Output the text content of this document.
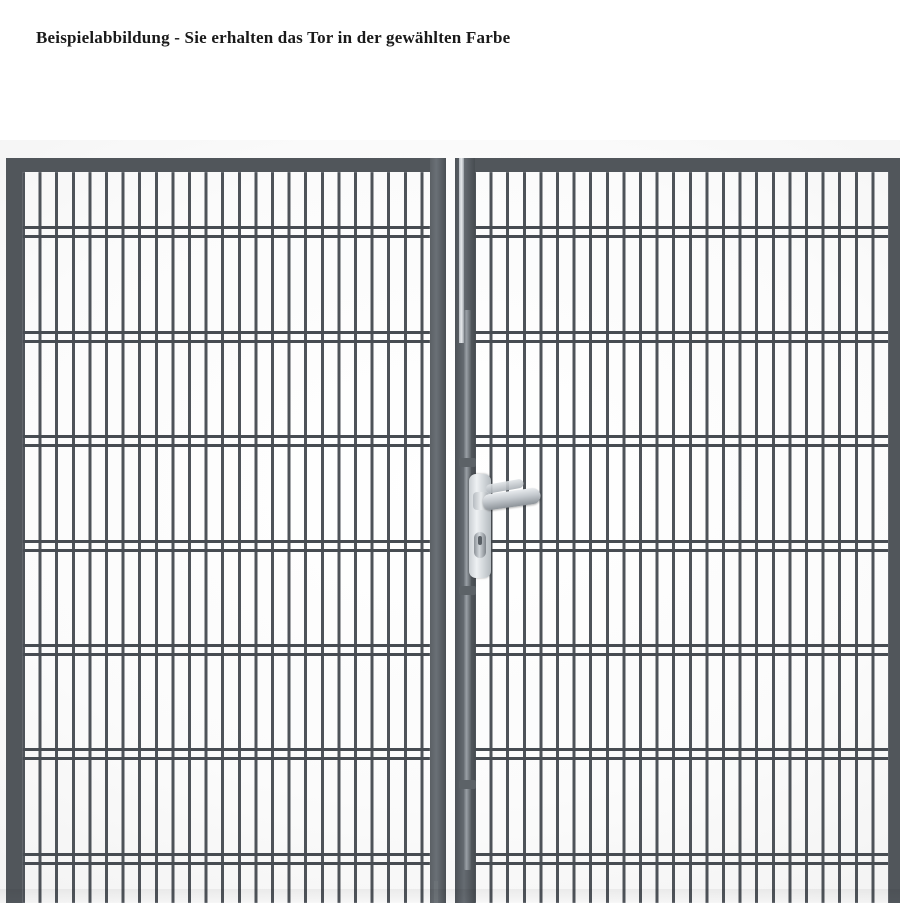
Beispielabbildung - Sie erhalten das Tor in der gewählten Farbe
